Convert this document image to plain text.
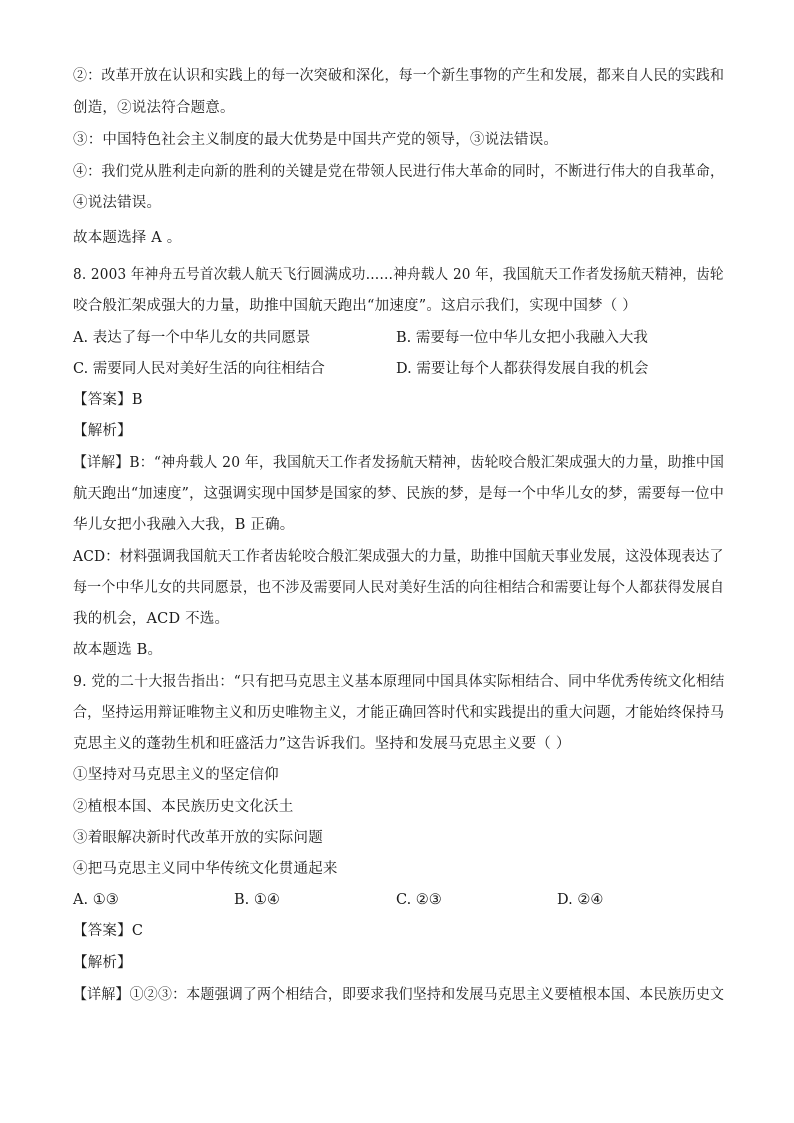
②：改革开放在认识和实践上的每一次突破和深化，每一个新生事物的产生和发展，都来自人民的实践和
创造，②说法符合题意。
③：中国特色社会主义制度的最大优势是中国共产党的领导，③说法错误。
④：我们党从胜利走向新的胜利的关键是党在带领人民进行伟大革命的同时，不断进行伟大的自我革命，
④说法错误。
故本题选择 A 。
8. 2003 年神舟五号首次载人航天飞行圆满成功……神舟载人 20 年，我国航天工作者发扬航天精神，齿轮
咬合般汇架成强大的力量，助推中国航天跑出“加速度”。这启示我们，实现中国梦（ ）
A. 表达了每一个中华儿女的共同愿景	B. 需要每一位中华儿女把小我融入大我
C. 需要同人民对美好生活的向往相结合	D. 需要让每个人都获得发展自我的机会
【答案】B
【解析】
【详解】B：“神舟载人 20 年，我国航天工作者发扬航天精神，齿轮咬合般汇架成强大的力量，助推中国
航天跑出“加速度”，这强调实现中国梦是国家的梦、民族的梦，是每一个中华儿女的梦，需要每一位中
华儿女把小我融入大我，B 正确。
ACD：材料强调我国航天工作者齿轮咬合般汇架成强大的力量，助推中国航天事业发展，这没体现表达了
每一个中华儿女的共同愿景，也不涉及需要同人民对美好生活的向往相结合和需要让每个人都获得发展自
我的机会，ACD 不选。
故本题选 B。
9. 党的二十大报告指出：“只有把马克思主义基本原理同中国具体实际相结合、同中华优秀传统文化相结
合，坚持运用辩证唯物主义和历史唯物主义，才能正确回答时代和实践提出的重大问题，才能始终保持马
克思主义的蓬勃生机和旺盛活力”这告诉我们。坚持和发展马克思主义要（ ）
①坚持对马克思主义的坚定信仰
②植根本国、本民族历史文化沃土
③着眼解决新时代改革开放的实际问题
④把马克思主义同中华传统文化贯通起来
A. ①③	B. ①④	C. ②③	D. ②④
【答案】C
【解析】
【详解】①②③：本题强调了两个相结合，即要求我们坚持和发展马克思主义要植根本国、本民族历史文
